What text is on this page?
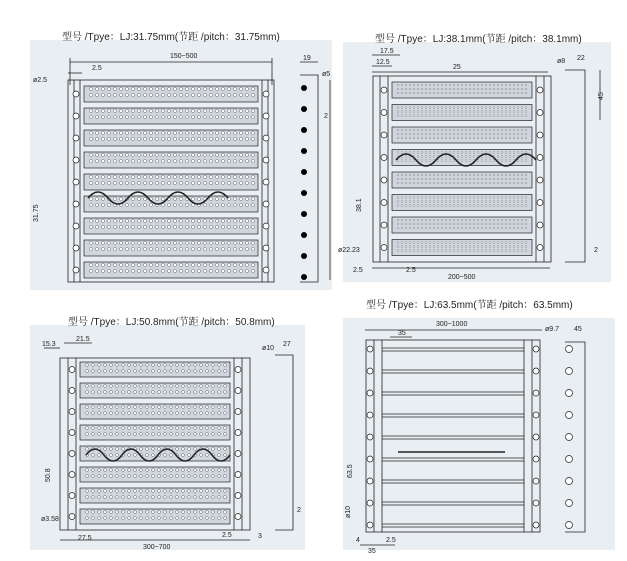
型号 /Tpye：LJ:31.75mm(节距 /pitch：31.75mm)
150~500
2.5
19
ø5
31.75
ø2.5
2
型号 /Tpye：LJ:38.1mm(节距 /pitch：38.1mm)
17.5
12.5
25
ø8 22
45
38.1
ø22.23
2.5	2.5
200~500
2
型号 /Tpye：LJ:50.8mm(节距 /pitch：50.8mm)
15.3
21.5
ø10
27
50.8
ø3.58
27.5	2.5
300~700
3
2
型号 /Tpye：LJ:63.5mm(节距 /pitch：63.5mm)
300~1000
35
ø9.7 45
63.5
ø10
4	2.5
35
